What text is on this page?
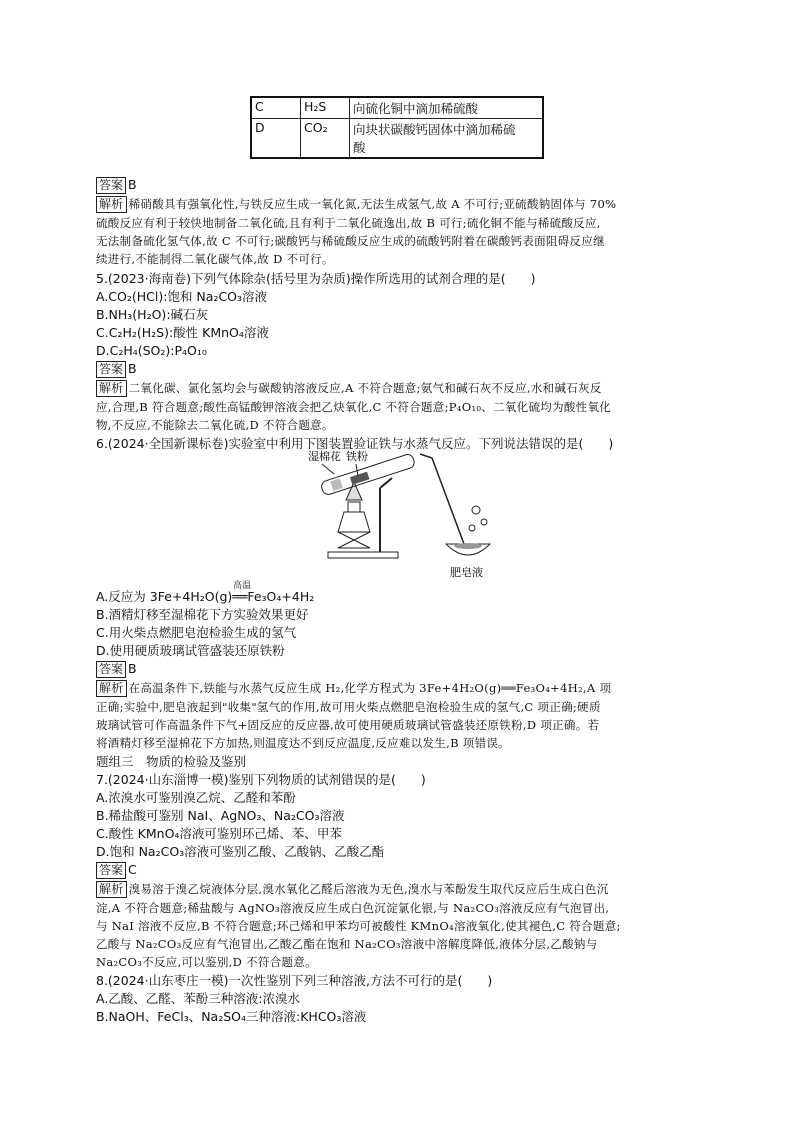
C	H₂S	向硫化铜中滴加稀硫酸
D	CO₂	向块状碳酸钙固体中滴加稀硫
酸
答案 B
解析 稀硝酸具有强氧化性,与铁反应生成一氧化氮,无法生成氢气,故 A 不可行;亚硫酸钠固体与 70%
硫酸反应有利于较快地制备二氧化硫,且有利于二氧化硫逸出,故 B 可行;硫化铜不能与稀硫酸反应,
无法制备硫化氢气体,故 C 不可行;碳酸钙与稀硫酸反应生成的硫酸钙附着在碳酸钙表面阻碍反应继
续进行,不能制得二氧化碳气体,故 D 不可行。
5.(2023·海南卷)下列气体除杂(括号里为杂质)操作所选用的试剂合理的是(　　)
A.CO₂(HCl):饱和 Na₂CO₃溶液
B.NH₃(H₂O):碱石灰
C.C₂H₂(H₂S):酸性 KMnO₄溶液
D.C₂H₄(SO₂):P₄O₁₀
答案 B
解析 二氧化碳、氯化氢均会与碳酸钠溶液反应,A 不符合题意;氨气和碱石灰不反应,水和碱石灰反
应,合理,B 符合题意;酸性高锰酸钾溶液会把乙炔氧化,C 不符合题意;P₄O₁₀、二氧化硫均为酸性氧化
物,不反应,不能除去二氧化硫,D 不符合题意。
6.(2024·全国新课标卷)实验室中利用下图装置验证铁与水蒸气反应。下列说法错误的是(　　)
湿棉花 铁粉
肥皂液
高温
A.反应为 3Fe+4H₂O(g)══Fe₃O₄+4H₂
B.酒精灯移至湿棉花下方实验效果更好
C.用火柴点燃肥皂泡检验生成的氢气
D.使用硬质玻璃试管盛装还原铁粉
答案 B
解析 在高温条件下,铁能与水蒸气反应生成 H₂,化学方程式为 3Fe+4H₂O(g)══Fe₃O₄+4H₂,A 项
正确;实验中,肥皂液起到"收集"氢气的作用,故可用火柴点燃肥皂泡检验生成的氢气,C 项正确;硬质
玻璃试管可作高温条件下气+固反应的反应器,故可使用硬质玻璃试管盛装还原铁粉,D 项正确。若
将酒精灯移至湿棉花下方加热,则温度达不到反应温度,反应难以发生,B 项错误。
题组三　物质的检验及鉴别
7.(2024·山东淄博一模)鉴别下列物质的试剂错误的是(　　)
A.浓溴水可鉴别溴乙烷、乙醛和苯酚
B.稀盐酸可鉴别 NaI、AgNO₃、Na₂CO₃溶液
C.酸性 KMnO₄溶液可鉴别环己烯、苯、甲苯
D.饱和 Na₂CO₃溶液可鉴别乙酸、乙酸钠、乙酸乙酯
答案 C
解析 溴易溶于溴乙烷液体分层,溴水氧化乙醛后溶液为无色,溴水与苯酚发生取代反应后生成白色沉
淀,A 不符合题意;稀盐酸与 AgNO₃溶液反应生成白色沉淀氯化银,与 Na₂CO₃溶液反应有气泡冒出,
与 NaI 溶液不反应,B 不符合题意;环己烯和甲苯均可被酸性 KMnO₄溶液氧化,使其褪色,C 符合题意;
乙酸与 Na₂CO₃反应有气泡冒出,乙酸乙酯在饱和 Na₂CO₃溶液中溶解度降低,液体分层,乙酸钠与
Na₂CO₃不反应,可以鉴别,D 不符合题意。
8.(2024·山东枣庄一模)一次性鉴别下列三种溶液,方法不可行的是(　　)
A.乙酸、乙醛、苯酚三种溶液:浓溴水
B.NaOH、FeCl₃、Na₂SO₄三种溶液:KHCO₃溶液
